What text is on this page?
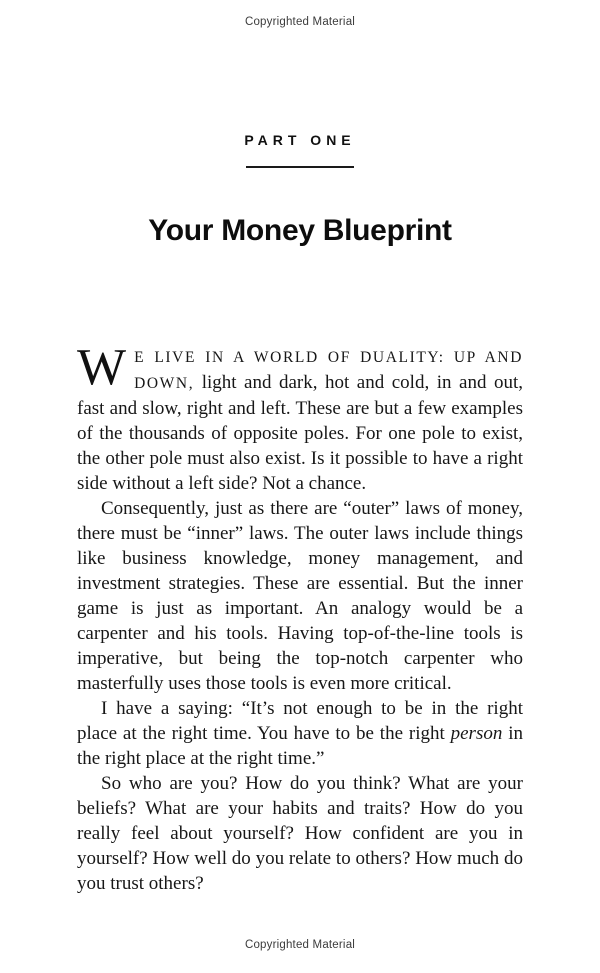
Copyrighted Material
PART ONE
Your Money Blueprint

W E LIVE IN A WORLD OF DUALITY: UP AND DOWN, light and dark, hot and cold, in and out, fast and slow, right and left. These are but a few examples of the thousands of opposite poles. For one pole to exist, the other pole must also exist. Is it possible to have a right side without a left side? Not a chance.

Consequently, just as there are “outer” laws of money, there must be “inner” laws. The outer laws include things like business knowledge, money management, and investment strategies. These are essential. But the inner game is just as important. An analogy would be a carpenter and his tools. Having top-of-the-line tools is imperative, but being the top-notch carpenter who masterfully uses those tools is even more critical.

I have a saying: “It’s not enough to be in the right place at the right time. You have to be the right person in the right place at the right time.”

So who are you? How do you think? What are your beliefs? What are your habits and traits? How do you really feel about yourself? How confident are you in yourself? How well do you relate to others? How much do you trust others?

Copyrighted Material
